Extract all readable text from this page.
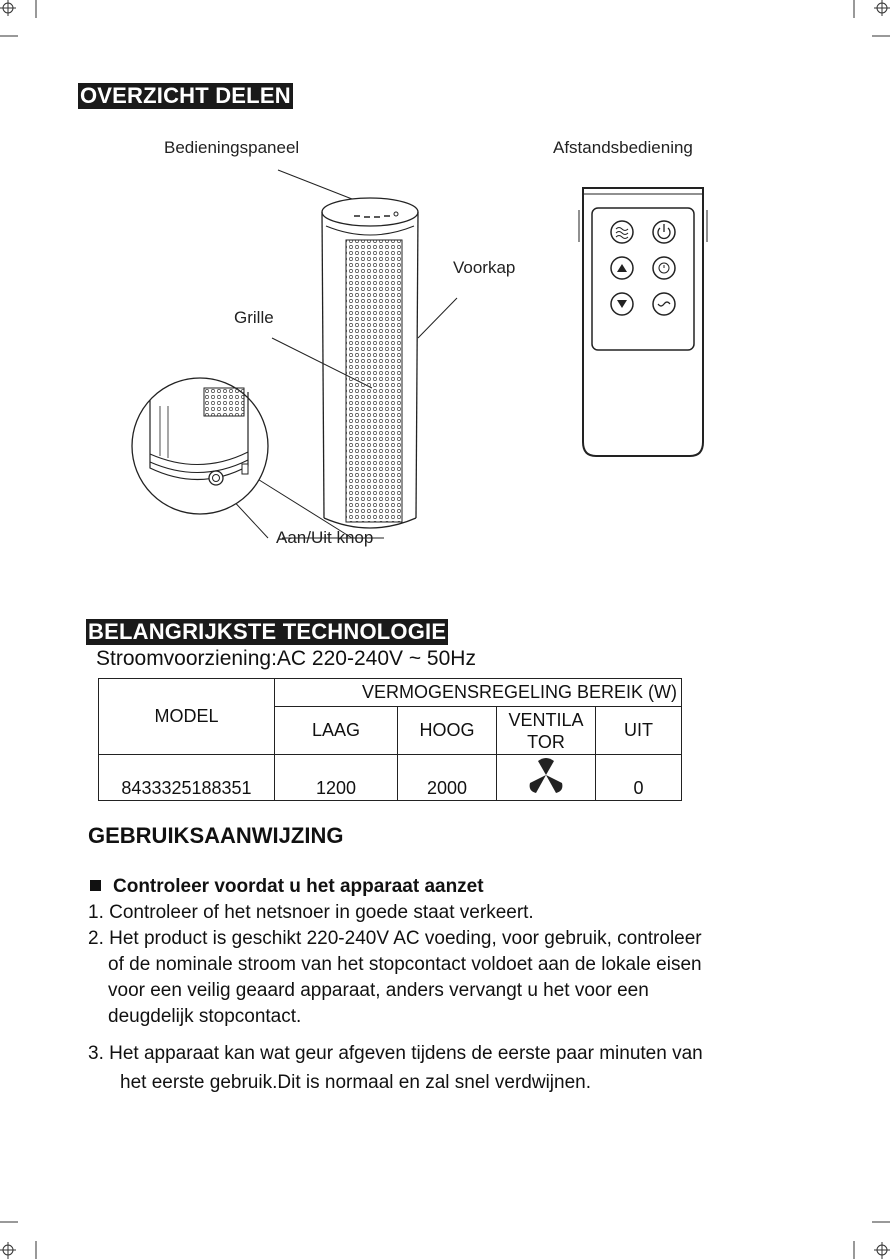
OVERZICHT DELEN
Bedieningspaneel	Afstandsbediening
Voorkap
Grille
Aan/Uit knop
BELANGRIJKSTE TECHNOLOGIE
Stroomvoorziening:AC 220-240V ~ 50Hz
MODEL	VERMOGENSREGELING BEREIK (W)			
	LAAG	HOOG	VENTILA TOR	UIT
8433325188351	1200	2000		0
GEBRUIKSAANWIJZING
Controleer voordat u het apparaat aanzet
1. Controleer of het netsnoer in goede staat verkeert.
2. Het product is geschikt 220-240V AC voeding, voor gebruik, controleer
of de nominale stroom van het stopcontact voldoet aan de lokale eisen
voor een veilig geaard apparaat, anders vervangt u het voor een
deugdelijk stopcontact.
3. Het apparaat kan wat geur afgeven tijdens de eerste paar minuten van
het eerste gebruik.Dit is normaal en zal snel verdwijnen.
